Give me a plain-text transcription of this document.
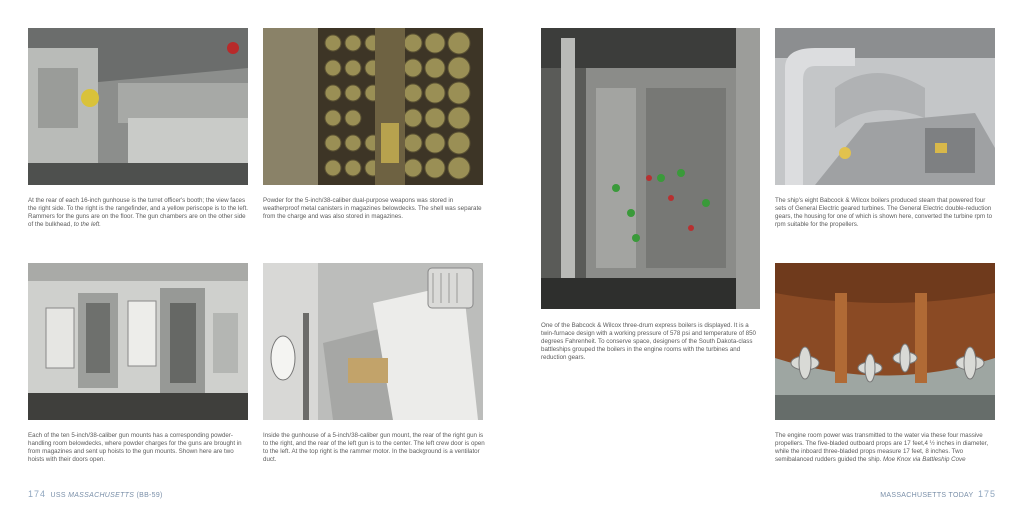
At the rear of each 16-inch gunhouse is the turret officer's booth; the view faces the right side. To the right is the rangefinder, and a yellow periscope is to the left. Rammers for the guns are on the floor. The gun chambers are on the other side of the bulkhead, to the left.

Powder for the 5-inch/38-caliber dual-purpose weapons was stored in weatherproof metal canisters in magazines belowdecks. The shell was separate from the charge and was also stored in magazines.

Each of the ten 5-inch/38-caliber gun mounts has a corresponding powder-handling room belowdecks, where powder charges for the guns are brought in from magazines and sent up hoists to the gun mounts. Shown here are two hoists with their doors open.

Inside the gunhouse of a 5-inch/38-caliber gun mount, the rear of the right gun is to the right, and the rear of the left gun is to the center. The left crew door is open to the left. At the top right is the rammer motor. In the background is a ventilator duct.

One of the Babcock & Wilcox three-drum express boilers is displayed. It is a twin-furnace design with a working pressure of 578 psi and temperature of 850 degrees Fahrenheit. To conserve space, designers of the South Dakota-class battleships grouped the boilers in the engine rooms with the turbines and reduction gears.

The ship's eight Babcock & Wilcox boilers produced steam that powered four sets of General Electric geared turbines. The General Electric double-reduction gears, the housing for one of which is shown here, converted the turbine rpm to rpm suitable for the propellers.

The engine room power was transmitted to the water via these four massive propellers. The five-bladed outboard props are 17 feet,4 ½ inches in diameter, while the inboard three-bladed props measure 17 feet, 8 inches. Two semibalanced rudders guided the ship. Moe Knox via Battleship Cove

174 USS MASSACHUSETTS (BB-59)	MASSACHUSETTS TODAY 175
